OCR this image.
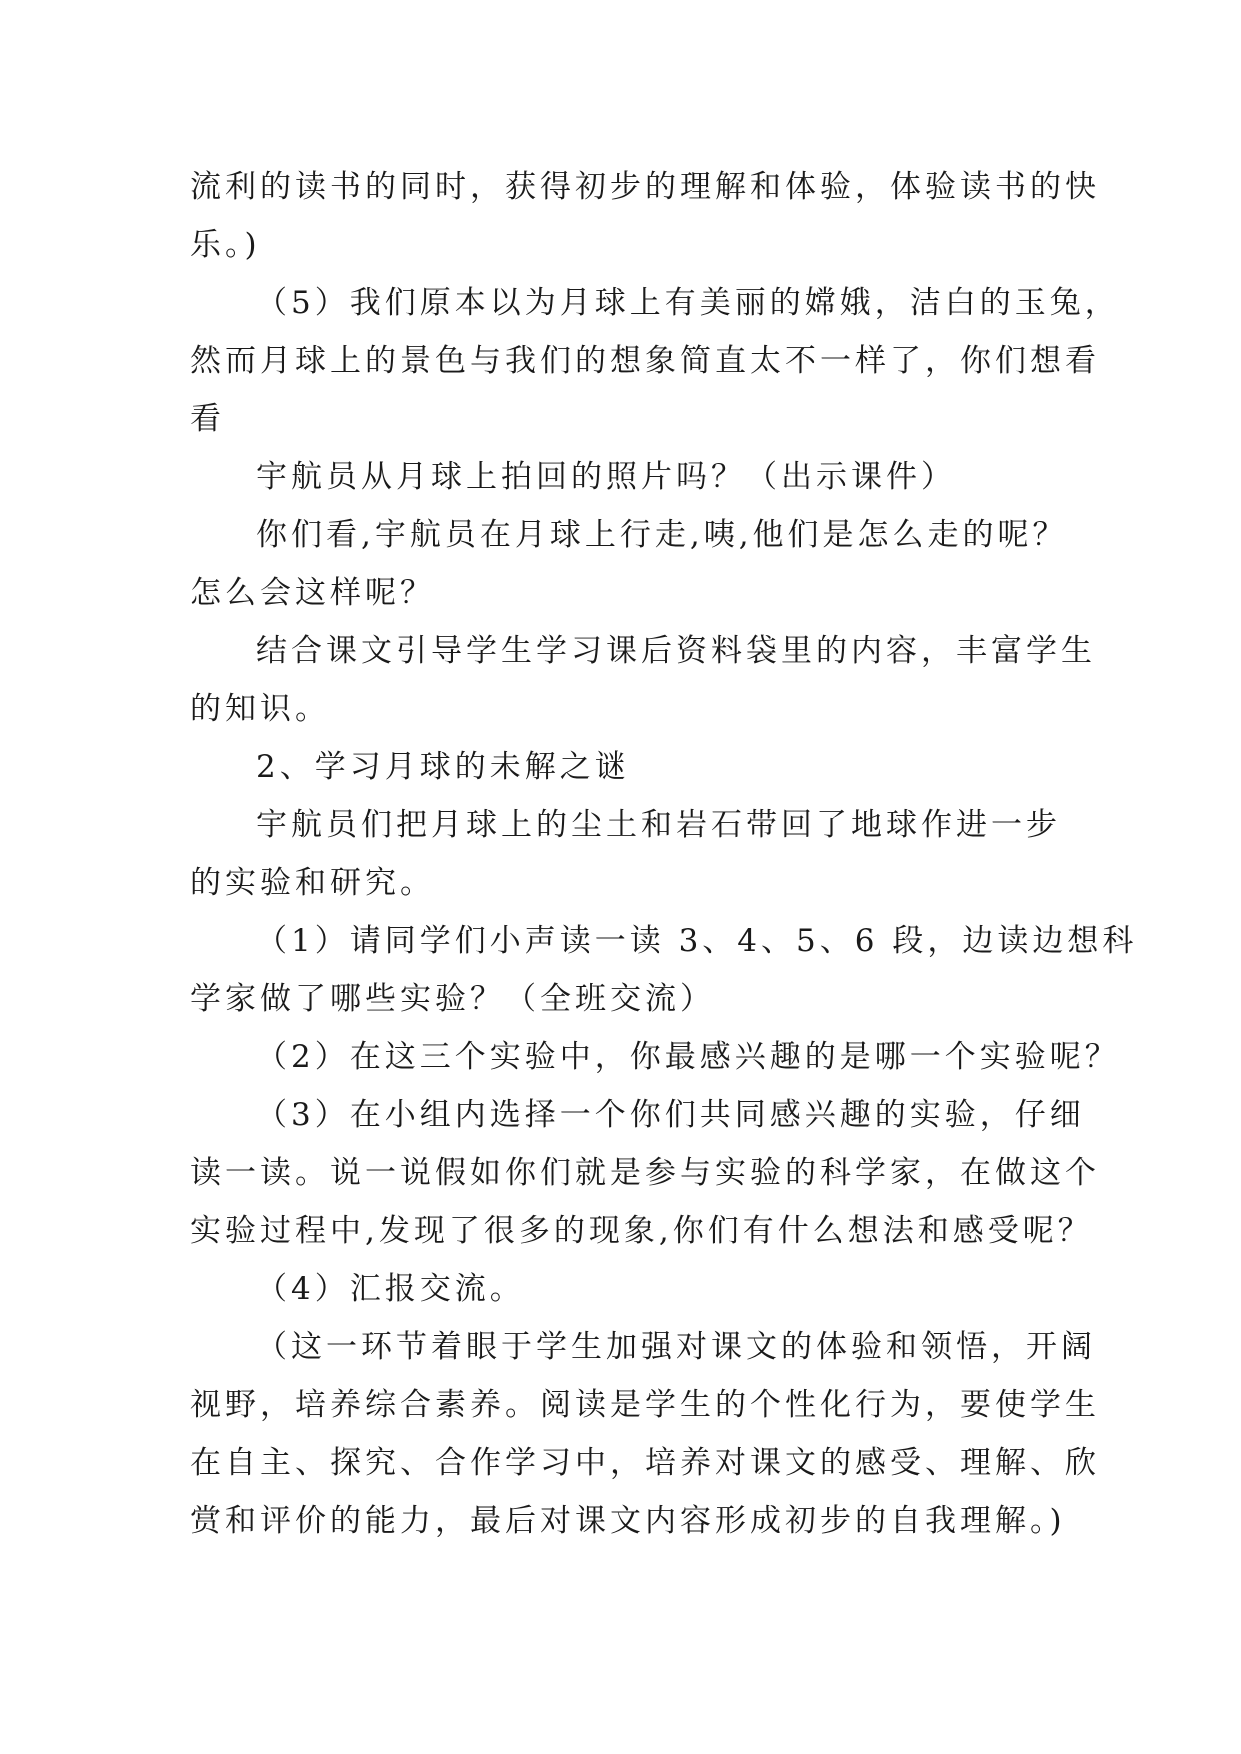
流利的读书的同时，获得初步的理解和体验，体验读书的快
乐。)

（5）我们原本以为月球上有美丽的嫦娥，洁白的玉兔，
然而月球上的景色与我们的想象简直太不一样了，你们想看
看

宇航员从月球上拍回的照片吗？（出示课件）

你们看,宇航员在月球上行走,咦,他们是怎么走的呢？
怎么会这样呢？

结合课文引导学生学习课后资料袋里的内容，丰富学生
的知识。

2、学习月球的未解之谜

宇航员们把月球上的尘土和岩石带回了地球作进一步
的实验和研究。

（1）请同学们小声读一读 3、4、5、6 段，边读边想科
学家做了哪些实验？（全班交流）

（2）在这三个实验中，你最感兴趣的是哪一个实验呢？

（3）在小组内选择一个你们共同感兴趣的实验，仔细
读一读。说一说假如你们就是参与实验的科学家，在做这个
实验过程中,发现了很多的现象,你们有什么想法和感受呢？

（4）汇报交流。

（这一环节着眼于学生加强对课文的体验和领悟，开阔
视野，培养综合素养。阅读是学生的个性化行为，要使学生
在自主、探究、合作学习中，培养对课文的感受、理解、欣
赏和评价的能力，最后对课文内容形成初步的自我理解。)
